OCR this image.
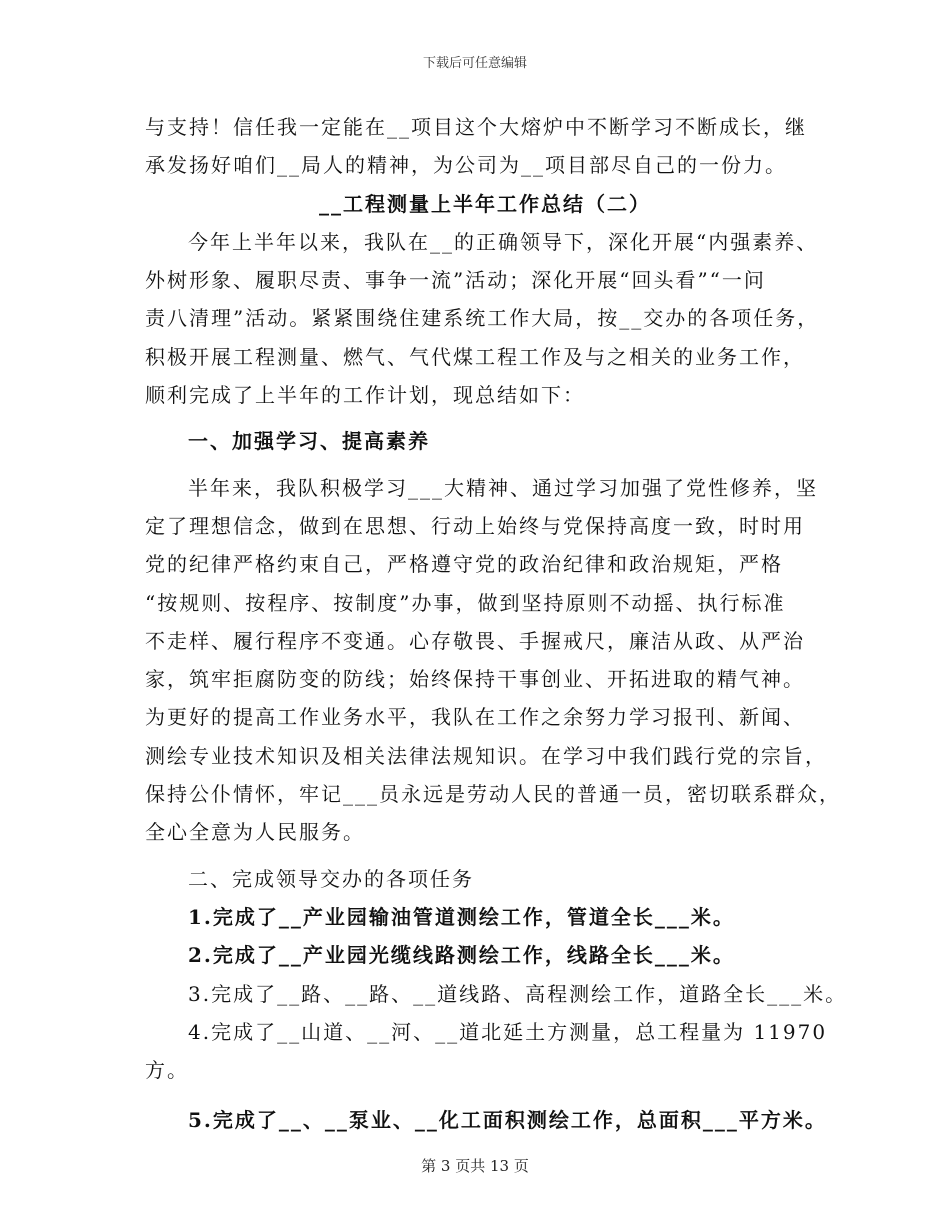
下载后可任意编辑
与支持！信任我一定能在__项目这个大熔炉中不断学习不断成长，继
承发扬好咱们__局人的精神，为公司为__项目部尽自己的一份力。
__工程测量上半年工作总结（二）
今年上半年以来，我队在__的正确领导下，深化开展“内强素养、
外树形象、履职尽责、事争一流”活动；深化开展“回头看”“一问
责八清理”活动。紧紧围绕住建系统工作大局，按__交办的各项任务，
积极开展工程测量、燃气、气代煤工程工作及与之相关的业务工作，
顺利完成了上半年的工作计划，现总结如下：
一、加强学习、提高素养
半年来，我队积极学习___大精神、通过学习加强了党性修养，坚
定了理想信念，做到在思想、行动上始终与党保持高度一致，时时用
党的纪律严格约束自己，严格遵守党的政治纪律和政治规矩，严格
“按规则、按程序、按制度”办事，做到坚持原则不动摇、执行标准
不走样、履行程序不变通。心存敬畏、手握戒尺，廉洁从政、从严治
家，筑牢拒腐防变的防线；始终保持干事创业、开拓进取的精气神。
为更好的提高工作业务水平，我队在工作之余努力学习报刊、新闻、
测绘专业技术知识及相关法律法规知识。在学习中我们践行党的宗旨，
保持公仆情怀，牢记___员永远是劳动人民的普通一员，密切联系群众，
全心全意为人民服务。
二、完成领导交办的各项任务
1.完成了__产业园输油管道测绘工作，管道全长___米。
2.完成了__产业园光缆线路测绘工作，线路全长___米。
3.完成了__路、__路、__道线路、高程测绘工作，道路全长___米。
4.完成了__山道、__河、__道北延土方测量，总工程量为 11970
方。
5.完成了__、__泵业、__化工面积测绘工作，总面积___平方米。
第 3 页共 13 页
